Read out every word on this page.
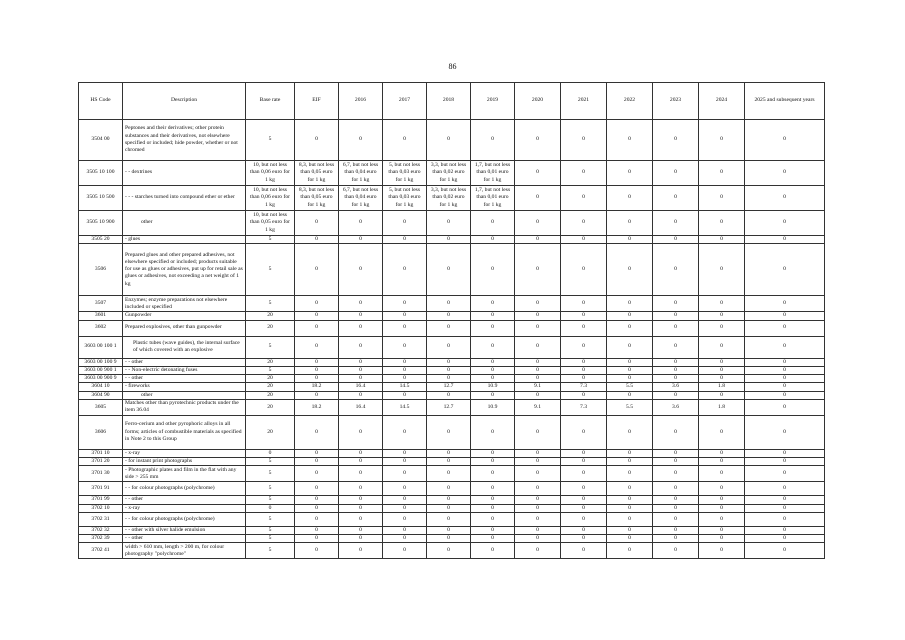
86
HS Code	Description	Base rate	EIF	2016	2017	2018	2019	2020	2021	2022	2023	2024	2025 and subsequent years
3504 00	Peptones and their derivatives; other protein substances and their derivatives, not elsewhere specified or included; hide powder, whether or not chromed	5	0	0	0	0	0	0	0	0	0	0	0
3505 10 100	- - dextrines	10, but not less than 0,06 euro for 1 kg	8,3, but not less than 0,05 euro for 1 kg	6,7, but not less than 0,04 euro for 1 kg	5, but not less than 0,03 euro for 1 kg	3,3, but not less than 0,02 euro for 1 kg	1,7, but not less than 0,01 euro for 1 kg	0	0	0	0	0	0
3505 10 500	- - - starches turned into compound ether or ether	10, but not less than 0,06 euro for 1 kg	8,3, but not less than 0,05 euro for 1 kg	6,7, but not less than 0,04 euro for 1 kg	5, but not less than 0,03 euro for 1 kg	3,3, but not less than 0,02 euro for 1 kg	1,7, but not less than 0,01 euro for 1 kg	0	0	0	0	0	0
3505 10 900	other	10, but not less than 0,05 euro for 1 kg	0	0	0	0	0	0	0	0	0	0	0
3505 20	- glues	5	0	0	0	0	0	0	0	0	0	0	0
3506	Prepared glues and other prepared adhesives, not elsewhere specified or included; products suitable for use as glues or adhesives, put up for retail sale as glues or adhesives, not exceeding a net weight of 1 kg	5	0	0	0	0	0	0	0	0	0	0	0
3507	Enzymes; enzyme preparations not elsewhere included or specified	5	0	0	0	0	0	0	0	0	0	0	0
3601	Gunpowder	20	0	0	0	0	0	0	0	0	0	0	0
3602	Prepared explosives, other than gunpowder	20	0	0	0	0	0	0	0	0	0	0	0
3603 00 100 1	Plastic tubes (wave guides), the internal surface of which covered with an explosive	5	0	0	0	0	0	0	0	0	0	0	0
3603 00 100 9	- - other	20	0	0	0	0	0	0	0	0	0	0	0
3603 00 900 1	- - Non-electric detonating fuses	5	0	0	0	0	0	0	0	0	0	0	0
3603 00 900 9	- - other	20	0	0	0	0	0	0	0	0	0	0	0
3604 10	- fireworks	20	18.2	16.4	14.5	12.7	10.9	9.1	7.3	5.5	3.6	1.8	0
3604 90	other	20	0	0	0	0	0	0	0	0	0	0	0
3605	Matches other than pyrotechnic products under the item 36.04	20	18.2	16.4	14.5	12.7	10.9	9.1	7.3	5.5	3.6	1.8	0
3606	Ferro-cerium and other pyrophoric alloys in all forms; articles of combustible materials as specified in Note 2 to this Group	20	0	0	0	0	0	0	0	0	0	0	0
3701 10	- x-ray	0	0	0	0	0	0	0	0	0	0	0	0
3701 20	- for instant print photographs	5	0	0	0	0	0	0	0	0	0	0	0
3701 30	- Photographic plates and film in the flat with any side > 255 mm	5	0	0	0	0	0	0	0	0	0	0	0
3701 91	- - for colour photographs (polychrome)	5	0	0	0	0	0	0	0	0	0	0	0
3701 99	- - other	5	0	0	0	0	0	0	0	0	0	0	0
3702 10	- x-ray	0	0	0	0	0	0	0	0	0	0	0	0
3702 31	- - for colour photographs (polychrome)	5	0	0	0	0	0	0	0	0	0	0	0
3702 32	- - other with silver halide emulsion	5	0	0	0	0	0	0	0	0	0	0	0
3702 39	- - other	5	0	0	0	0	0	0	0	0	0	0	0
3702 41	width > 610 mm, length > 200 m, for colour photography "polychrome"	5	0	0	0	0	0	0	0	0	0	0	0
